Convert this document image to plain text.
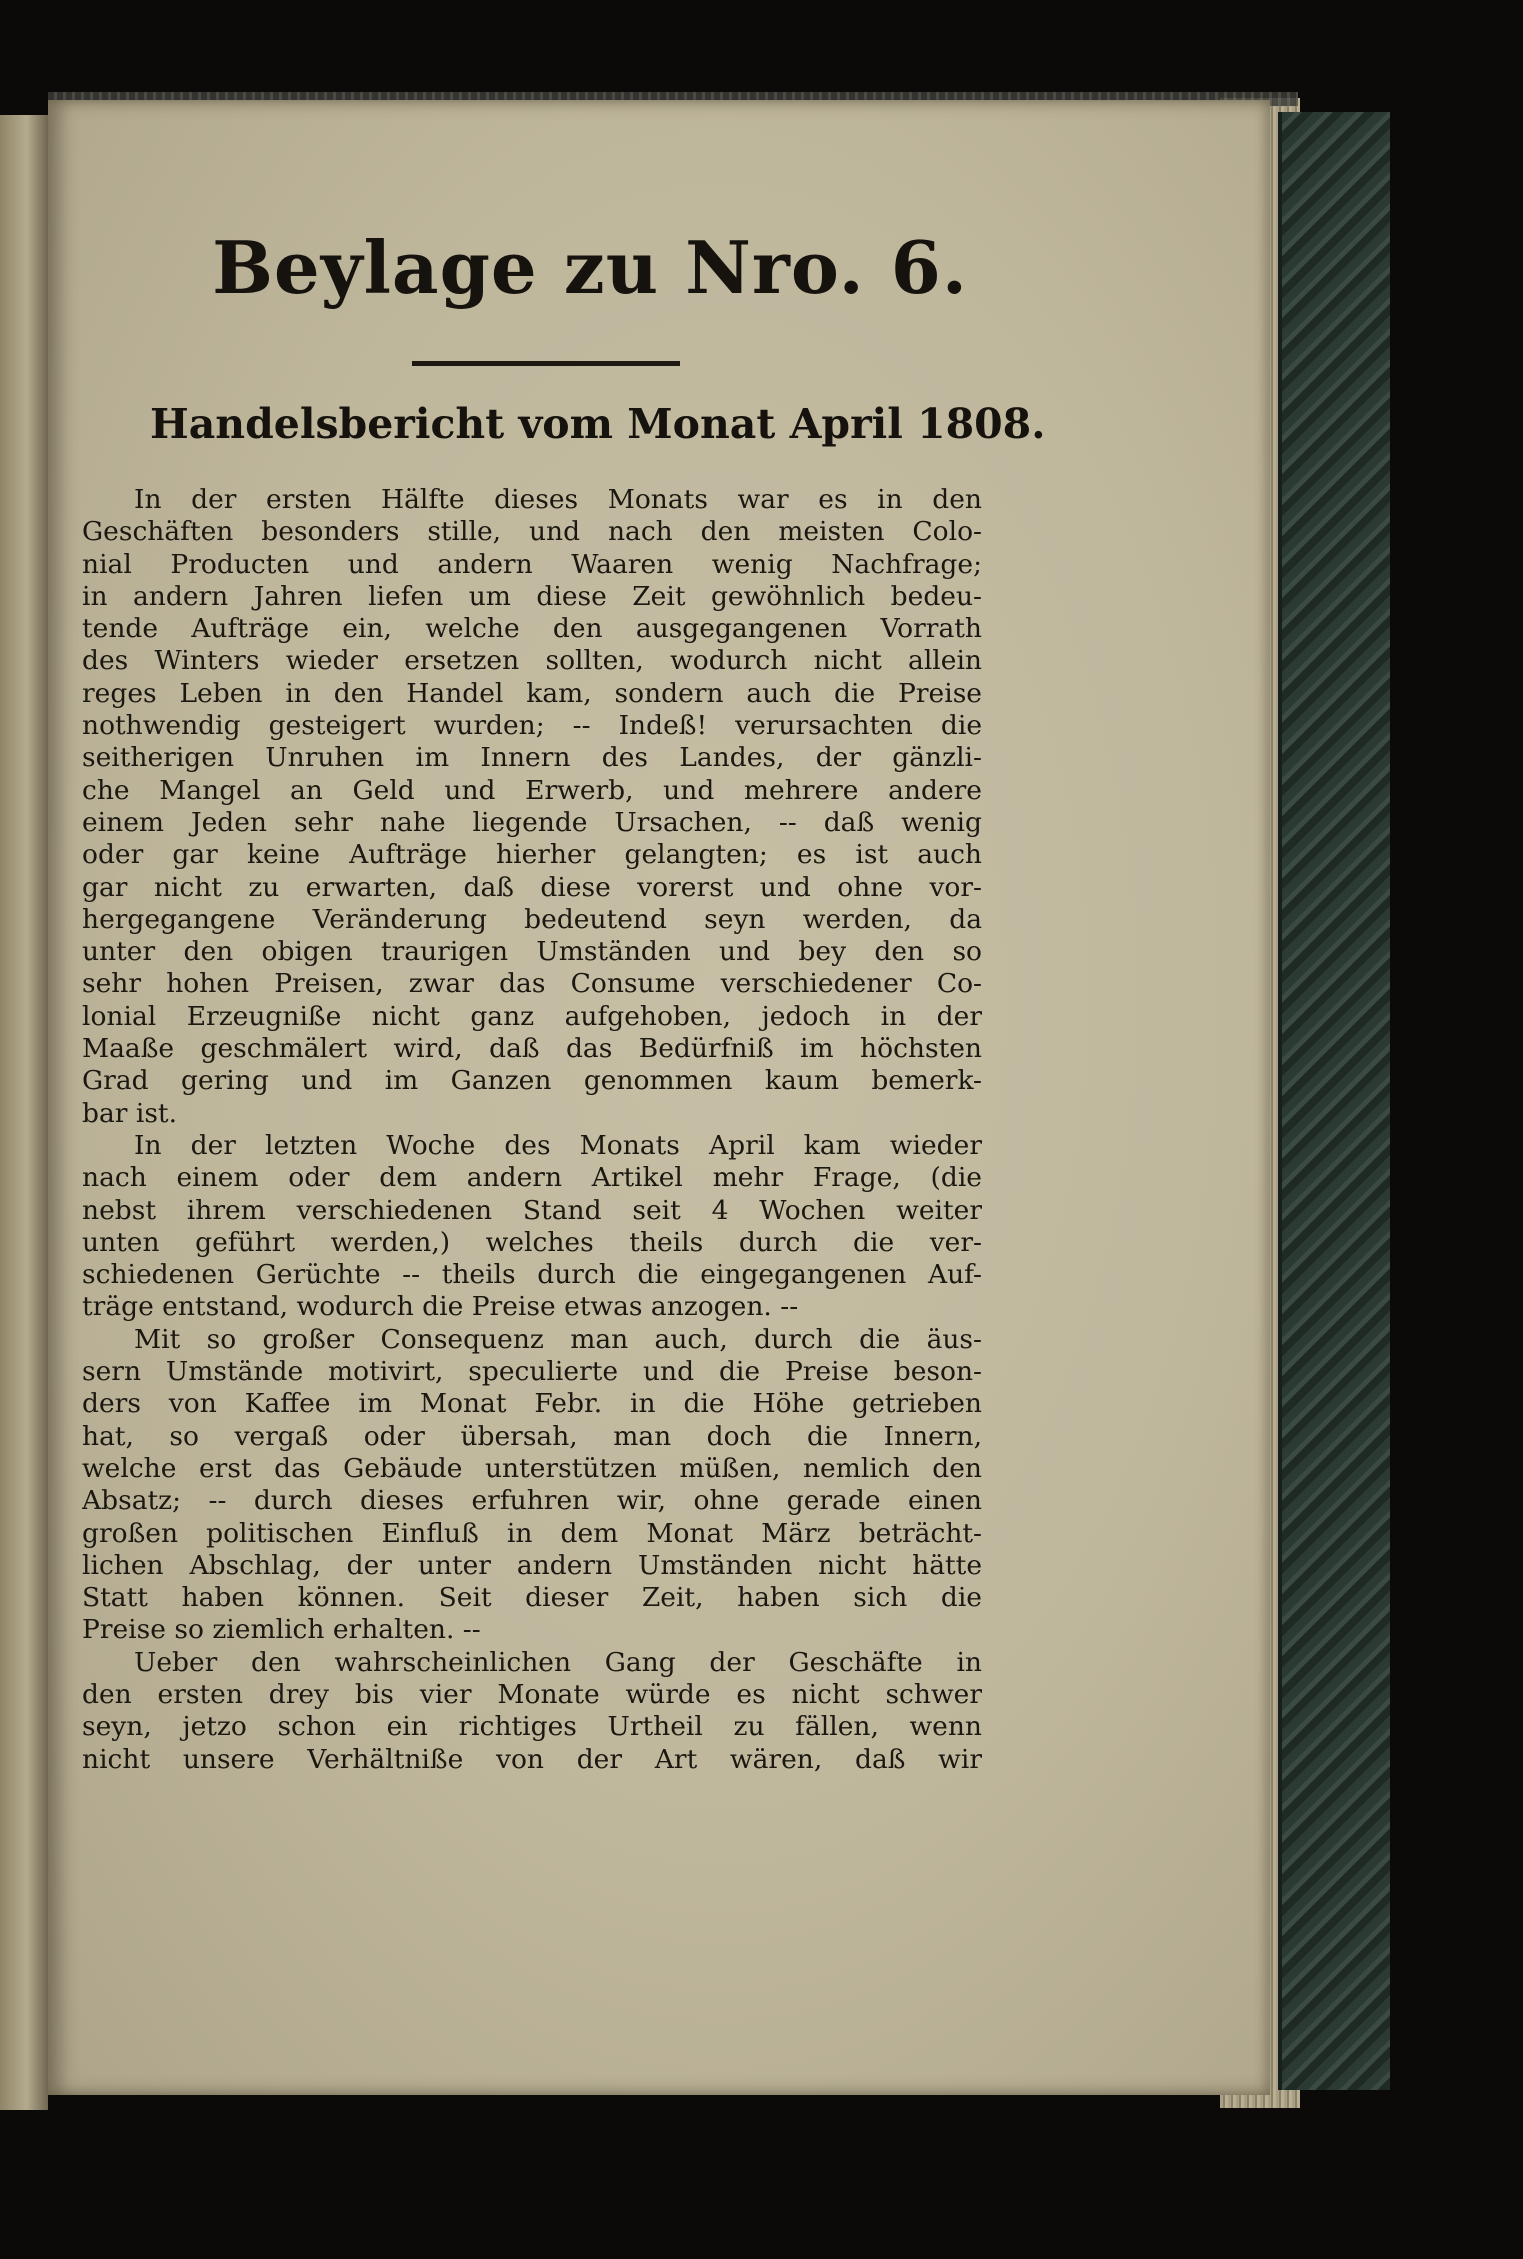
Beylage zu Nro. 6.
Handelsbericht vom Monat April 1808.
In der ersten Hälfte dieses Monats war es in den
Geschäften besonders stille, und nach den meisten Colo-
nial Producten und andern Waaren wenig Nachfrage;
in andern Jahren liefen um diese Zeit gewöhnlich bedeu-
tende Aufträge ein, welche den ausgegangenen Vorrath
des Winters wieder ersetzen sollten, wodurch nicht allein
reges Leben in den Handel kam, sondern auch die Preise
nothwendig gesteigert wurden; -- Indeß! verursachten die
seitherigen Unruhen im Innern des Landes, der gänzli-
che Mangel an Geld und Erwerb, und mehrere andere
einem Jeden sehr nahe liegende Ursachen, -- daß wenig
oder gar keine Aufträge hierher gelangten; es ist auch
gar nicht zu erwarten, daß diese vorerst und ohne vor-
hergegangene Veränderung bedeutend seyn werden, da
unter den obigen traurigen Umständen und bey den so
sehr hohen Preisen, zwar das Consume verschiedener Co-
lonial Erzeugniße nicht ganz aufgehoben, jedoch in der
Maaße geschmälert wird, daß das Bedürfniß im höchsten
Grad gering und im Ganzen genommen kaum bemerk-
bar ist.
In der letzten Woche des Monats April kam wieder
nach einem oder dem andern Artikel mehr Frage, (die
nebst ihrem verschiedenen Stand seit 4 Wochen weiter
unten geführt werden,) welches theils durch die ver-
schiedenen Gerüchte -- theils durch die eingegangenen Auf-
träge entstand, wodurch die Preise etwas anzogen. --
Mit so großer Consequenz man auch, durch die äus-
sern Umstände motivirt, speculierte und die Preise beson-
ders von Kaffee im Monat Febr. in die Höhe getrieben
hat, so vergaß oder übersah, man doch die Innern,
welche erst das Gebäude unterstützen müßen, nemlich den
Absatz; -- durch dieses erfuhren wir, ohne gerade einen
großen politischen Einfluß in dem Monat März beträcht-
lichen Abschlag, der unter andern Umständen nicht hätte
Statt haben können. Seit dieser Zeit, haben sich die
Preise so ziemlich erhalten. --
Ueber den wahrscheinlichen Gang der Geschäfte in
den ersten drey bis vier Monate würde es nicht schwer
seyn, jetzo schon ein richtiges Urtheil zu fällen, wenn
nicht unsere Verhältniße von der Art wären, daß wir
